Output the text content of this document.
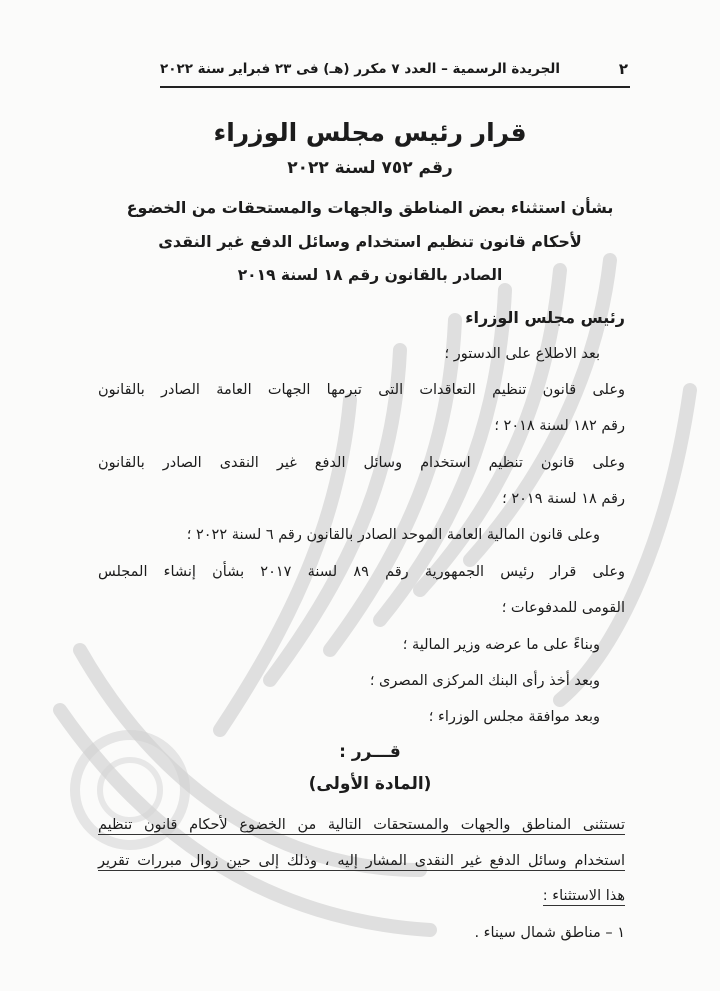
٢
الجريدة الرسمية – العدد ٧ مكرر (هـ) فى ٢٣ فبراير سنة ٢٠٢٢
قرار رئيس مجلس الوزراء
رقم ٧٥٢ لسنة ٢٠٢٢
بشأن استثناء بعض المناطق والجهات والمستحقات من الخضوع
لأحكام قانون تنظيم استخدام وسائل الدفع غير النقدى
الصادر بالقانون رقم ١٨ لسنة ٢٠١٩
رئيس مجلس الوزراء
بعد الاطلاع على الدستور ؛
وعلى قانون تنظيم التعاقدات التى تبرمها الجهات العامة الصادر بالقانون
رقم ١٨٢ لسنة ٢٠١٨ ؛
وعلى قانون تنظيم استخدام وسائل الدفع غير النقدى الصادر بالقانون
رقم ١٨ لسنة ٢٠١٩ ؛
وعلى قانون المالية العامة الموحد الصادر بالقانون رقم ٦ لسنة ٢٠٢٢ ؛
وعلى قرار رئيس الجمهورية رقم ٨٩ لسنة ٢٠١٧ بشأن إنشاء المجلس
القومى للمدفوعات ؛
وبناءً على ما عرضه وزير المالية ؛
وبعد أخذ رأى البنك المركزى المصرى ؛
وبعد موافقة مجلس الوزراء ؛
قـــرر :
(المادة الأولى)
تستثنى المناطق والجهات والمستحقات التالية من الخضوع لأحكام قانون تنظيم
استخدام وسائل الدفع غير النقدى المشار إليه ، وذلك إلى حين زوال مبررات تقرير
هذا الاستثناء :
١ – مناطق شمال سيناء .
